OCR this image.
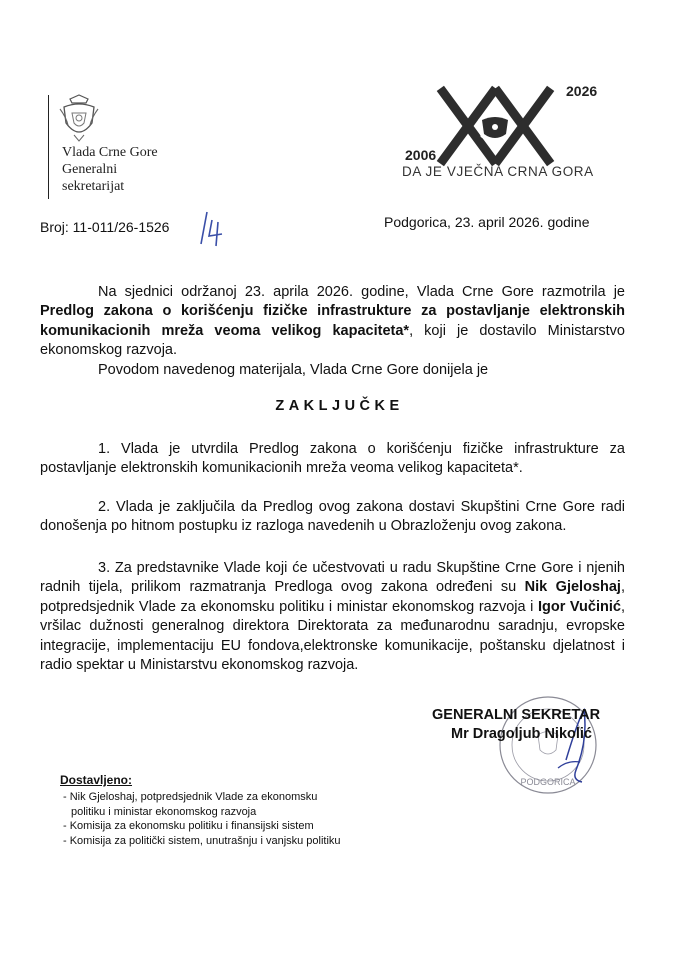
Vlada Crne Gore
Generalni
sekretarijat
2026
2006
DA JE VJEČNA CRNA GORA
Broj: 11-011/26-1526	Podgorica, 23. april 2026. godine

Na sjednici održanoj 23. aprila 2026. godine, Vlada Crne Gore razmotrila je Predlog zakona o korišćenju fizičke infrastrukture za postavljanje elektronskih komunikacionih mreža veoma velikog kapaciteta*, koji je dostavilo Ministarstvo ekonomskog razvoja.

Povodom navedenog materijala, Vlada Crne Gore donijela je

ZAKLJUČKE

1. Vlada je utvrdila Predlog zakona o korišćenju fizičke infrastrukture za postavljanje elektronskih komunikacionih mreža veoma velikog kapaciteta*.

2. Vlada je zaključila da Predlog ovog zakona dostavi Skupštini Crne Gore radi donošenja po hitnom postupku iz razloga navedenih u Obrazloženju ovog zakona.

3. Za predstavnike Vlade koji će učestvovati u radu Skupštine Crne Gore i njenih radnih tijela, prilikom razmatranja Predloga ovog zakona određeni su Nik Gjeloshaj, potpredsjednik Vlade za ekonomsku politiku i ministar ekonomskog razvoja i Igor Vučinić, vršilac dužnosti generalnog direktora Direktorata za međunarodnu saradnju, evropske integracije, implementaciju EU fondova,elektronske komunikacije, poštansku djelatnost i radio spektar u Ministarstvu ekonomskog razvoja.

PODGORICA
GENERALNI SEKRETAR
Mr Dragoljub Nikolić
Dostavljeno:
- Nik Gjeloshaj, potpredsjednik Vlade za ekonomsku
politiku i ministar ekonomskog razvoja
- Komisija za ekonomsku politiku i finansijski sistem
- Komisija za politički sistem, unutrašnju i vanjsku politiku
